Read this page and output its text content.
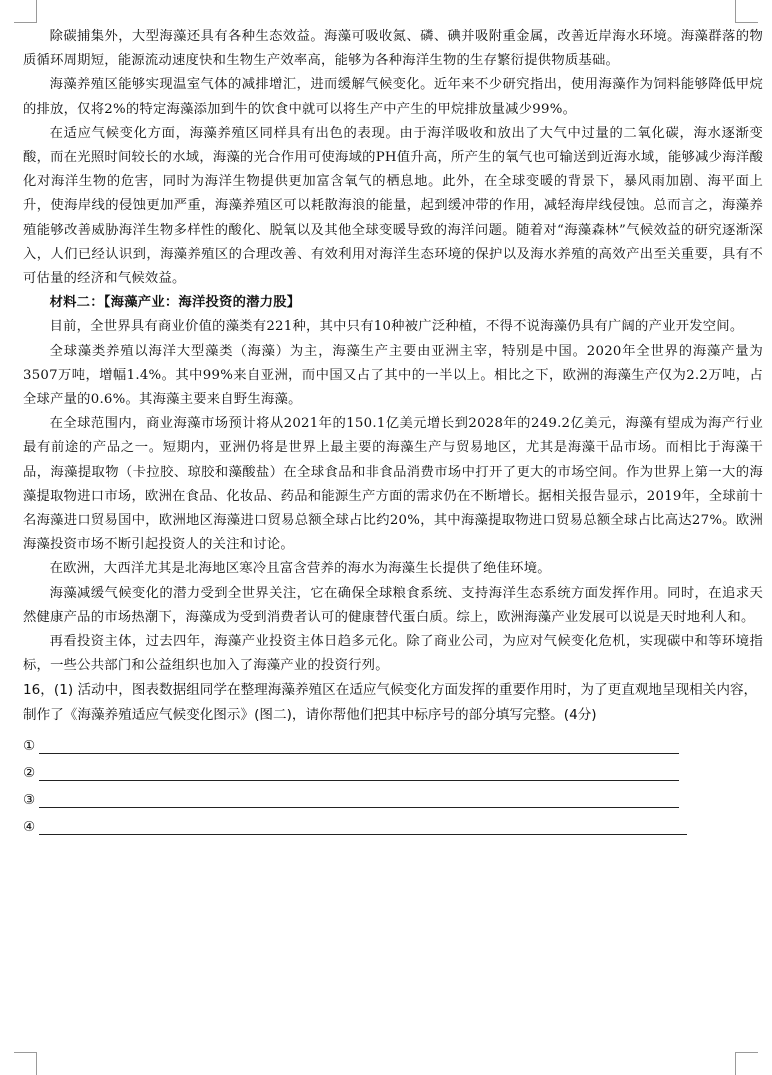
除碳捕集外，大型海藻还具有各种生态效益。海藻可吸收氮、磷、碘并吸附重金属，改善近岸海水环境。海藻群落的物质循环周期短，能源流动速度快和生物生产效率高，能够为各种海洋生物的生存繁衍提供物质基础。

海藻养殖区能够实现温室气体的减排增汇，进而缓解气候变化。近年来不少研究指出，使用海藻作为饲料能够降低甲烷的排放，仅将2%的特定海藻添加到牛的饮食中就可以将生产中产生的甲烷排放量减少99%。

在适应气候变化方面，海藻养殖区同样具有出色的表现。由于海洋吸收和放出了大气中过量的二氧化碳，海水逐渐变酸，而在光照时间较长的水域，海藻的光合作用可使海域的PH值升高，所产生的氧气也可输送到近海水域，能够减少海洋酸化对海洋生物的危害，同时为海洋生物提供更加富含氧气的栖息地。此外，在全球变暖的背景下，暴风雨加剧、海平面上升，使海岸线的侵蚀更加严重，海藻养殖区可以耗散海浪的能量，起到缓冲带的作用，减轻海岸线侵蚀。总而言之，海藻养殖能够改善威胁海洋生物多样性的酸化、脱氧以及其他全球变暖导致的海洋问题。随着对“海藻森林”气候效益的研究逐渐深入，人们已经认识到，海藻养殖区的合理改善、有效利用对海洋生态环境的保护以及海水养殖的高效产出至关重要，具有不可估量的经济和气候效益。

材料二：【海藻产业：海洋投资的潜力股】

目前，全世界具有商业价值的藻类有221种，其中只有10种被广泛种植，不得不说海藻仍具有广阔的产业开发空间。

全球藻类养殖以海洋大型藻类（海藻）为主，海藻生产主要由亚洲主宰，特别是中国。2020年全世界的海藻产量为3507万吨，增幅1.4%。其中99%来自亚洲，而中国又占了其中的一半以上。相比之下，欧洲的海藻生产仅为2.2万吨，占全球产量的0.6%。其海藻主要来自野生海藻。

在全球范围内，商业海藻市场预计将从2021年的150.1亿美元增长到2028年的249.2亿美元，海藻有望成为海产行业最有前途的产品之一。短期内，亚洲仍将是世界上最主要的海藻生产与贸易地区，尤其是海藻干品市场。而相比于海藻干品，海藻提取物（卡拉胶、琼胶和藻酸盐）在全球食品和非食品消费市场中打开了更大的市场空间。作为世界上第一大的海藻提取物进口市场，欧洲在食品、化妆品、药品和能源生产方面的需求仍在不断增长。据相关报告显示，2019年，全球前十名海藻进口贸易国中，欧洲地区海藻进口贸易总额全球占比约20%，其中海藻提取物进口贸易总额全球占比高达27%。欧洲海藻投资市场不断引起投资人的关注和讨论。

在欧洲，大西洋尤其是北海地区寒冷且富含营养的海水为海藻生长提供了绝佳环境。

海藻减缓气候变化的潜力受到全世界关注，它在确保全球粮食系统、支持海洋生态系统方面发挥作用。同时，在追求天然健康产品的市场热潮下，海藻成为受到消费者认可的健康替代蛋白质。综上，欧洲海藻产业发展可以说是天时地利人和。

再看投资主体，过去四年，海藻产业投资主体日趋多元化。除了商业公司，为应对气候变化危机，实现碳中和等环境指标，一些公共部门和公益组织也加入了海藻产业的投资行列。

16，(1) 活动中，图表数据组同学在整理海藻养殖区在适应气候变化方面发挥的重要作用时，为了更直观地呈现相关内容，制作了《海藻养殖适应气候变化图示》(图二)，请你帮他们把其中标序号的部分填写完整。(4分)

①
②
③
④
